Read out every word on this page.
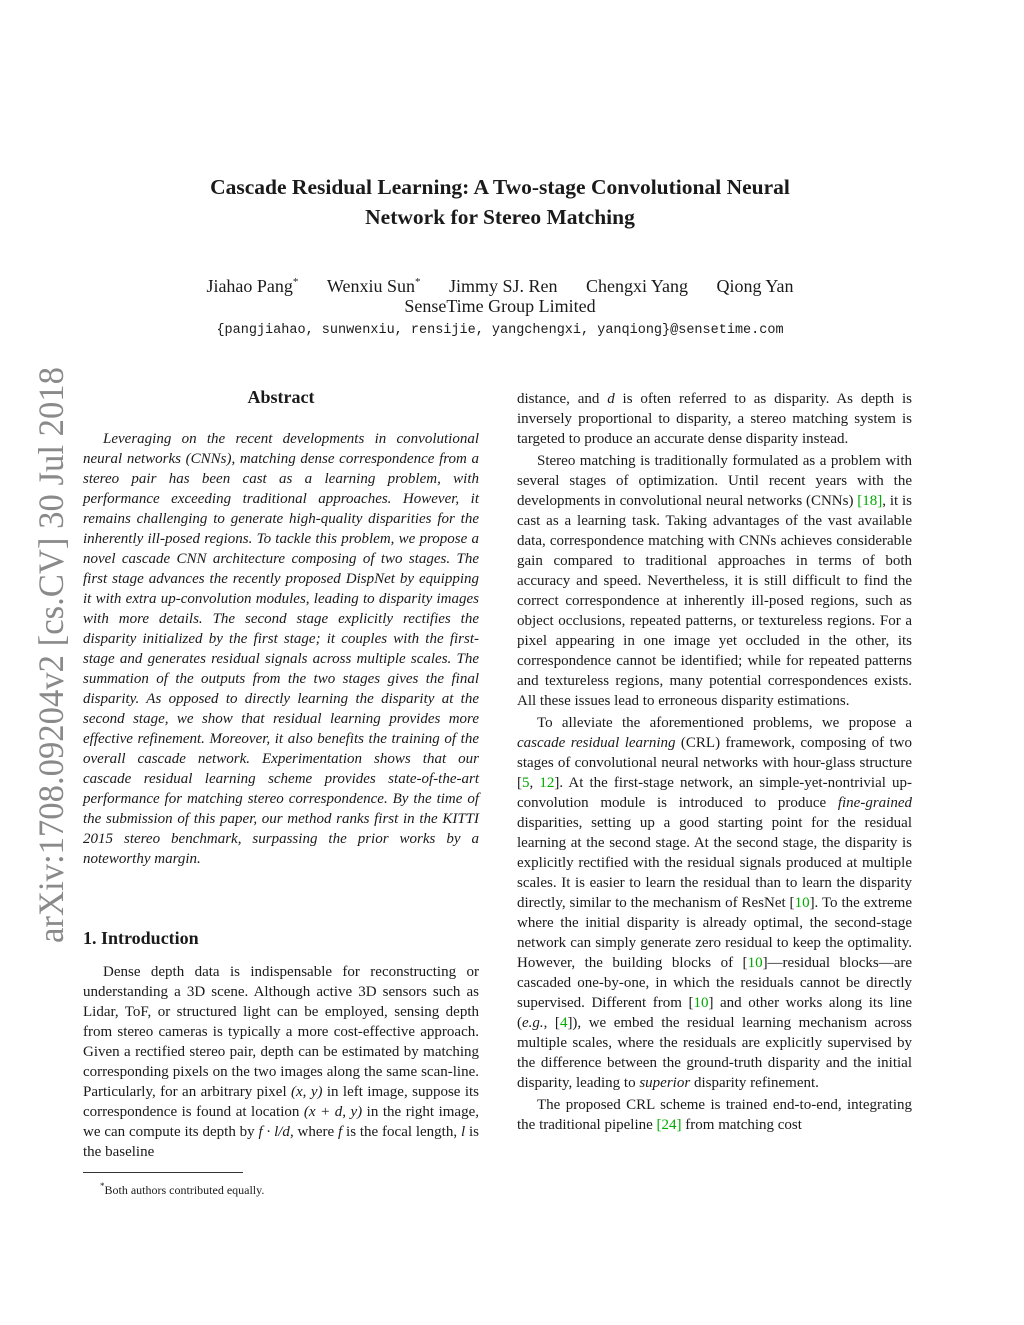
arXiv:1708.09204v2 [cs.CV] 30 Jul 2018
Cascade Residual Learning: A Two-stage Convolutional Neural
Network for Stereo Matching
Jiahao Pang* Wenxiu Sun* Jimmy SJ. Ren Chengxi Yang Qiong Yan
SenseTime Group Limited
{pangjiahao, sunwenxiu, rensijie, yangchengxi, yanqiong}@sensetime.com
Abstract
Leveraging on the recent developments in convolutional neural networks (CNNs), matching dense correspondence from a stereo pair has been cast as a learning problem, with performance exceeding traditional approaches. However, it remains challenging to generate high-quality disparities for the inherently ill-posed regions. To tackle this problem, we propose a novel cascade CNN architecture composing of two stages. The first stage advances the recently proposed DispNet by equipping it with extra up-convolution modules, leading to disparity images with more details. The second stage explicitly rectifies the disparity initialized by the first stage; it couples with the first-stage and generates residual signals across multiple scales. The summation of the outputs from the two stages gives the final disparity. As opposed to directly learning the disparity at the second stage, we show that residual learning provides more effective refinement. Moreover, it also benefits the training of the overall cascade network. Experimentation shows that our cascade residual learning scheme provides state-of-the-art performance for matching stereo correspondence. By the time of the submission of this paper, our method ranks first in the KITTI 2015 stereo benchmark, surpassing the prior works by a noteworthy margin.
1. Introduction
Dense depth data is indispensable for reconstructing or understanding a 3D scene. Although active 3D sensors such as Lidar, ToF, or structured light can be employed, sensing depth from stereo cameras is typically a more cost-effective approach. Given a rectified stereo pair, depth can be estimated by matching corresponding pixels on the two images along the same scan-line. Particularly, for an arbitrary pixel (x, y) in left image, suppose its correspondence is found at location (x + d, y) in the right image, we can compute its depth by f · l/d, where f is the focal length, l is the baseline
*Both authors contributed equally.

distance, and d is often referred to as disparity. As depth is inversely proportional to disparity, a stereo matching system is targeted to produce an accurate dense disparity instead.

Stereo matching is traditionally formulated as a problem with several stages of optimization. Until recent years with the developments in convolutional neural networks (CNNs) [18], it is cast as a learning task. Taking advantages of the vast available data, correspondence matching with CNNs achieves considerable gain compared to traditional approaches in terms of both accuracy and speed. Nevertheless, it is still difficult to find the correct correspondence at inherently ill-posed regions, such as object occlusions, repeated patterns, or textureless regions. For a pixel appearing in one image yet occluded in the other, its correspondence cannot be identified; while for repeated patterns and textureless regions, many potential correspondences exists. All these issues lead to erroneous disparity estimations.

To alleviate the aforementioned problems, we propose a cascade residual learning (CRL) framework, composing of two stages of convolutional neural networks with hour-glass structure [5, 12]. At the first-stage network, an simple-yet-nontrivial up-convolution module is introduced to produce fine-grained disparities, setting up a good starting point for the residual learning at the second stage. At the second stage, the disparity is explicitly rectified with the residual signals produced at multiple scales. It is easier to learn the residual than to learn the disparity directly, similar to the mechanism of ResNet [10]. To the extreme where the initial disparity is already optimal, the second-stage network can simply generate zero residual to keep the optimality. However, the building blocks of [10]—residual blocks—are cascaded one-by-one, in which the residuals cannot be directly supervised. Different from [10] and other works along its line (e.g., [4]), we embed the residual learning mechanism across multiple scales, where the residuals are explicitly supervised by the difference between the ground-truth disparity and the initial disparity, leading to superior disparity refinement.

The proposed CRL scheme is trained end-to-end, integrating the traditional pipeline [24] from matching cost
